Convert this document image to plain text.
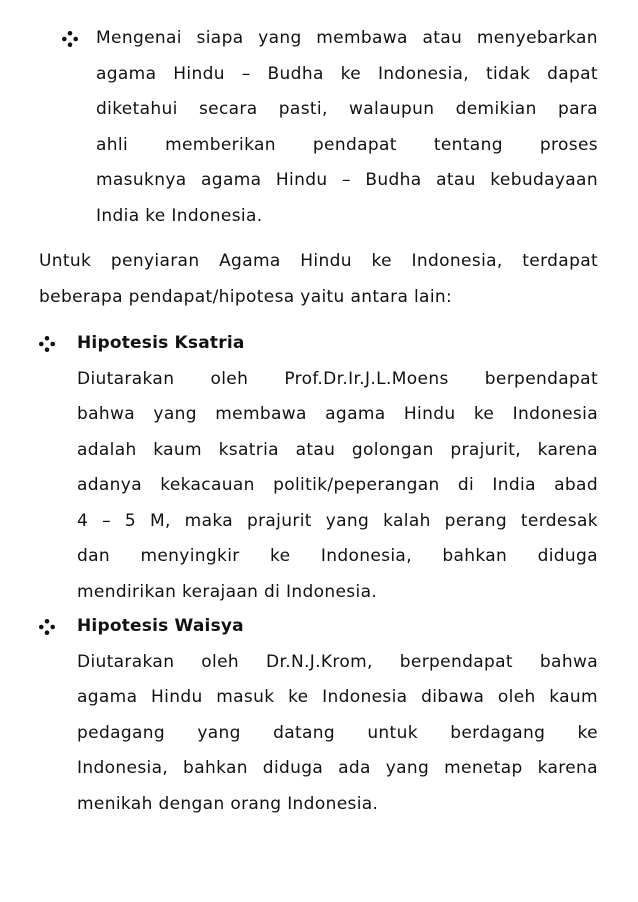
Mengenai siapa yang membawa atau menyebarkan
agama Hindu – Budha ke Indonesia, tidak dapat
diketahui secara pasti, walaupun demikian para
ahli memberikan pendapat tentang proses
masuknya agama Hindu – Budha atau kebudayaan
India ke Indonesia.
Untuk penyiaran Agama Hindu ke Indonesia, terdapat
beberapa pendapat/hipotesa yaitu antara lain:
Hipotesis Ksatria
Diutarakan oleh Prof.Dr.Ir.J.L.Moens berpendapat
bahwa yang membawa agama Hindu ke Indonesia
adalah kaum ksatria atau golongan prajurit, karena
adanya kekacauan politik/peperangan di India abad
4 – 5 M, maka prajurit yang kalah perang terdesak
dan menyingkir ke Indonesia, bahkan diduga
mendirikan kerajaan di Indonesia.
Hipotesis Waisya
Diutarakan oleh Dr.N.J.Krom, berpendapat bahwa
agama Hindu masuk ke Indonesia dibawa oleh kaum
pedagang yang datang untuk berdagang ke
Indonesia, bahkan diduga ada yang menetap karena
menikah dengan orang Indonesia.
